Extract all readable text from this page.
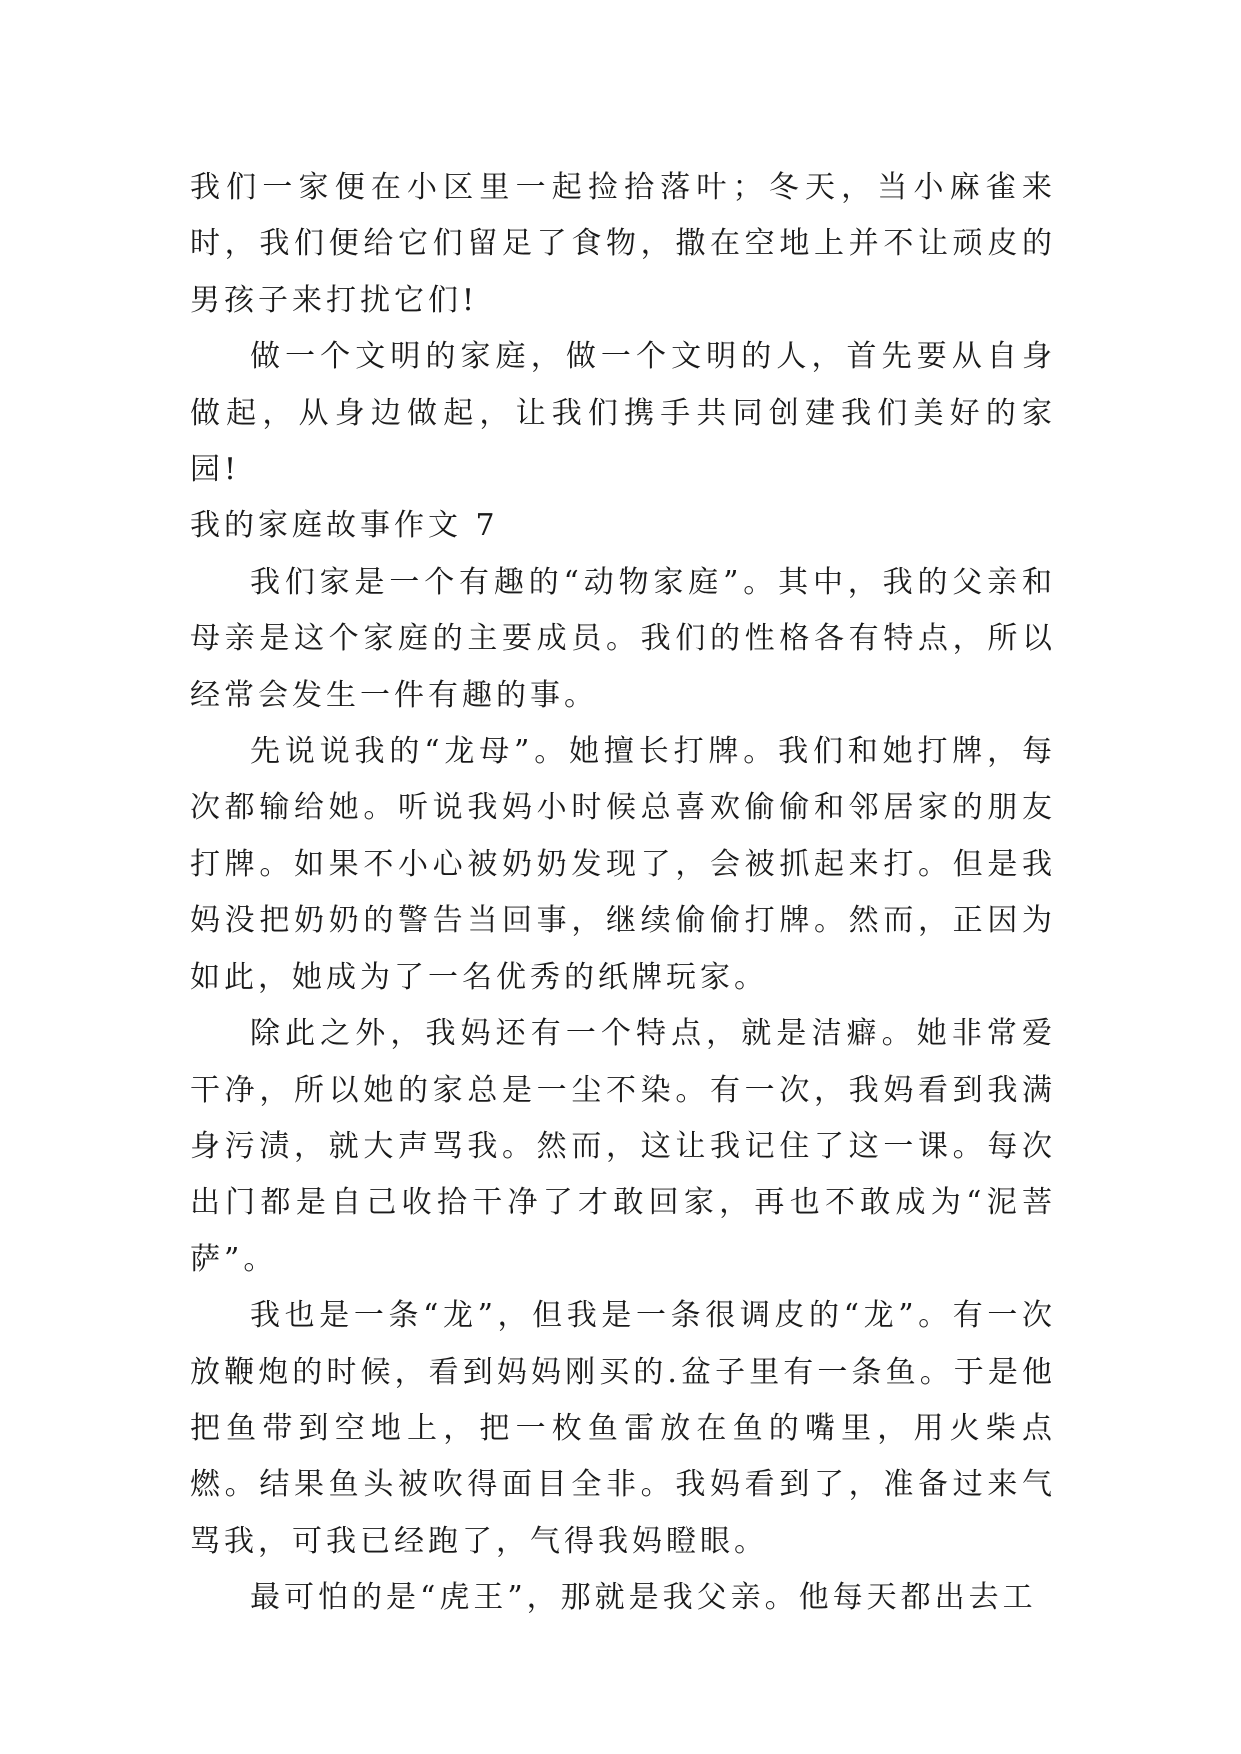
我们一家便在小区里一起捡拾落叶；冬天，当小麻雀来时，我们便给它们留足了食物，撒在空地上并不让顽皮的男孩子来打扰它们!

做一个文明的家庭，做一个文明的人，首先要从自身做起，从身边做起，让我们携手共同创建我们美好的家园!

我的家庭故事作文 7

我们家是一个有趣的“动物家庭”。其中，我的父亲和母亲是这个家庭的主要成员。我们的性格各有特点，所以经常会发生一件有趣的事。

先说说我的“龙母”。她擅长打牌。我们和她打牌，每次都输给她。听说我妈小时候总喜欢偷偷和邻居家的朋友打牌。如果不小心被奶奶发现了，会被抓起来打。但是我妈没把奶奶的警告当回事，继续偷偷打牌。然而，正因为如此，她成为了一名优秀的纸牌玩家。

除此之外，我妈还有一个特点，就是洁癖。她非常爱干净，所以她的家总是一尘不染。有一次，我妈看到我满身污渍，就大声骂我。然而，这让我记住了这一课。每次出门都是自己收拾干净了才敢回家，再也不敢成为“泥菩萨”。

我也是一条“龙”，但我是一条很调皮的“龙”。有一次放鞭炮的时候，看到妈妈刚买的.盆子里有一条鱼。于是他把鱼带到空地上，把一枚鱼雷放在鱼的嘴里，用火柴点燃。结果鱼头被吹得面目全非。我妈看到了，准备过来气骂我，可我已经跑了，气得我妈瞪眼。

最可怕的是“虎王”，那就是我父亲。他每天都出去工
